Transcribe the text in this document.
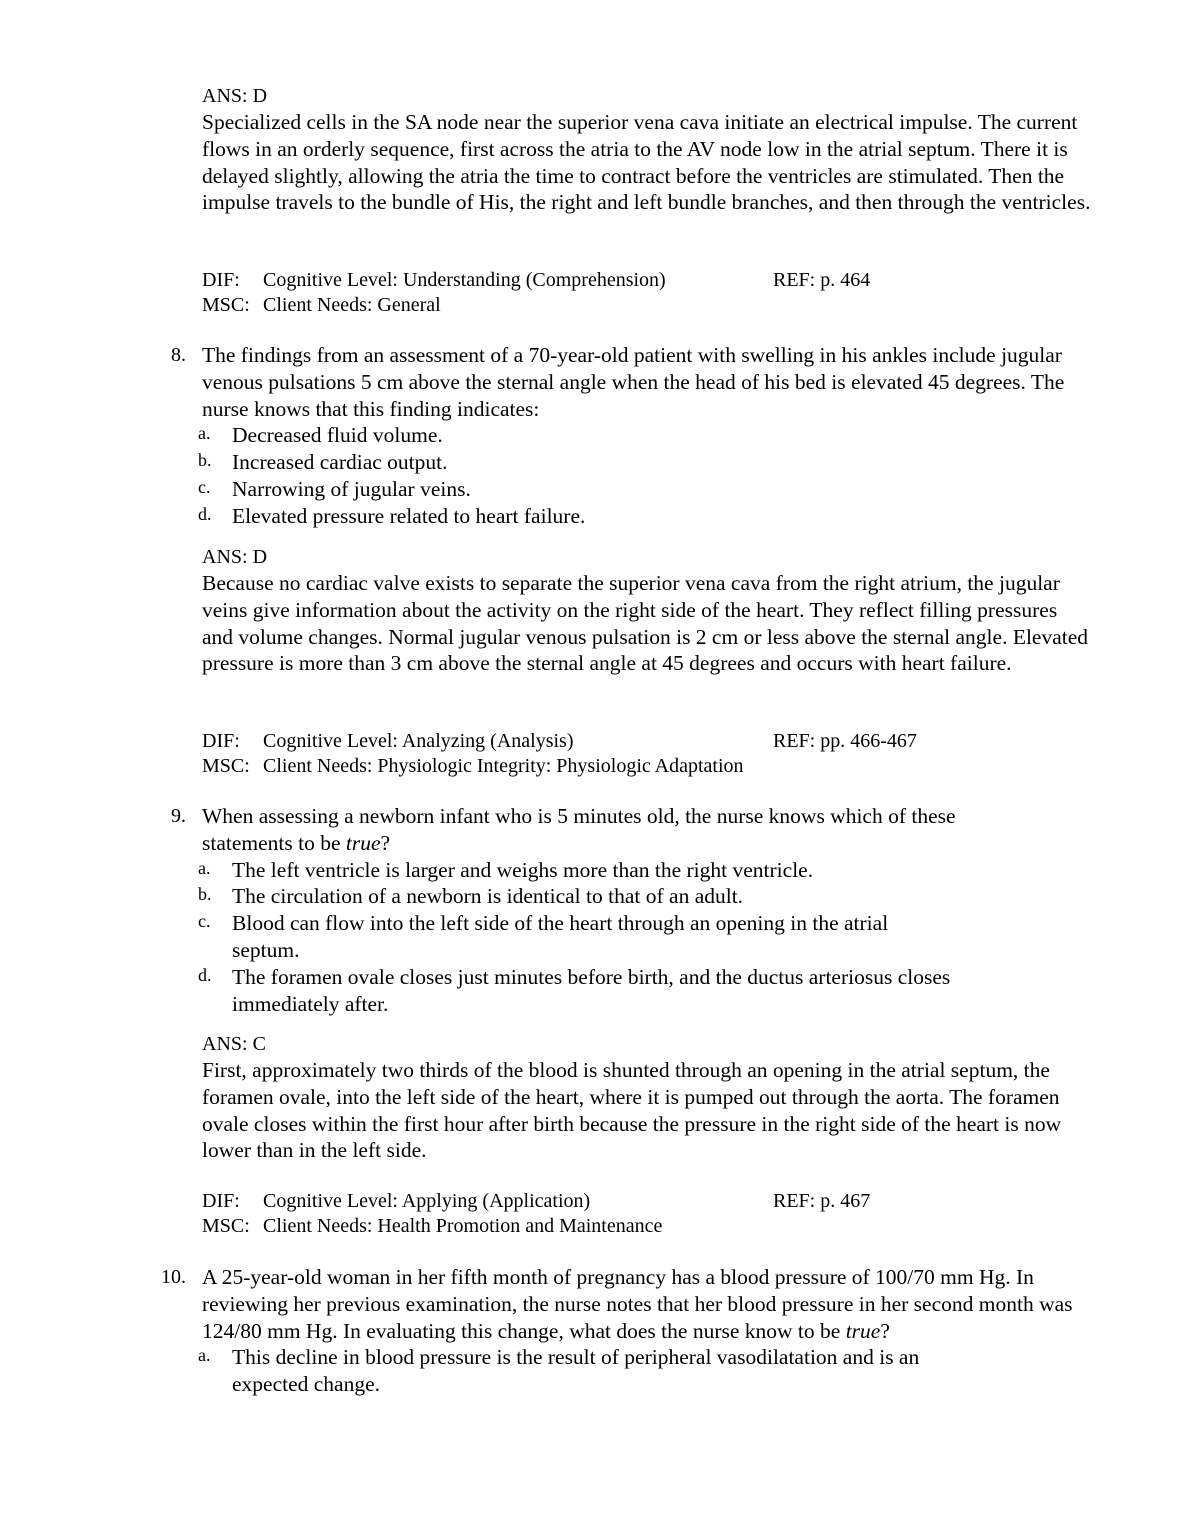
ANS: D
Specialized cells in the SA node near the superior vena cava initiate an electrical impulse. The current flows in an orderly sequence, first across the atria to the AV node low in the atrial septum. There it is delayed slightly, allowing the atria the time to contract before the ventricles are stimulated. Then the impulse travels to the bundle of His, the right and left bundle branches, and then through the ventricles.
DIF: Cognitive Level: Understanding (Comprehension)	REF: p. 464
MSC: Client Needs: General
8. The findings from an assessment of a 70-year-old patient with swelling in his ankles include jugular venous pulsations 5 cm above the sternal angle when the head of his bed is elevated 45 degrees. The nurse knows that this finding indicates:
a. Decreased fluid volume.
b. Increased cardiac output.
c. Narrowing of jugular veins.
d. Elevated pressure related to heart failure.
ANS: D
Because no cardiac valve exists to separate the superior vena cava from the right atrium, the jugular veins give information about the activity on the right side of the heart. They reflect filling pressures and volume changes. Normal jugular venous pulsation is 2 cm or less above the sternal angle. Elevated pressure is more than 3 cm above the sternal angle at 45 degrees and occurs with heart failure.
DIF: Cognitive Level: Analyzing (Analysis)	REF: pp. 466-467
MSC: Client Needs: Physiologic Integrity: Physiologic Adaptation
9. When assessing a newborn infant who is 5 minutes old, the nurse knows which of these statements to be true?
a. The left ventricle is larger and weighs more than the right ventricle.
b. The circulation of a newborn is identical to that of an adult.
c. Blood can flow into the left side of the heart through an opening in the atrial septum.
d. The foramen ovale closes just minutes before birth, and the ductus arteriosus closes immediately after.
ANS: C
First, approximately two thirds of the blood is shunted through an opening in the atrial septum, the foramen ovale, into the left side of the heart, where it is pumped out through the aorta. The foramen ovale closes within the first hour after birth because the pressure in the right side of the heart is now lower than in the left side.
DIF: Cognitive Level: Applying (Application)	REF: p. 467
MSC: Client Needs: Health Promotion and Maintenance
10. A 25-year-old woman in her fifth month of pregnancy has a blood pressure of 100/70 mm Hg. In reviewing her previous examination, the nurse notes that her blood pressure in her second month was 124/80 mm Hg. In evaluating this change, what does the nurse know to be true?
a. This decline in blood pressure is the result of peripheral vasodilatation and is an expected change.
